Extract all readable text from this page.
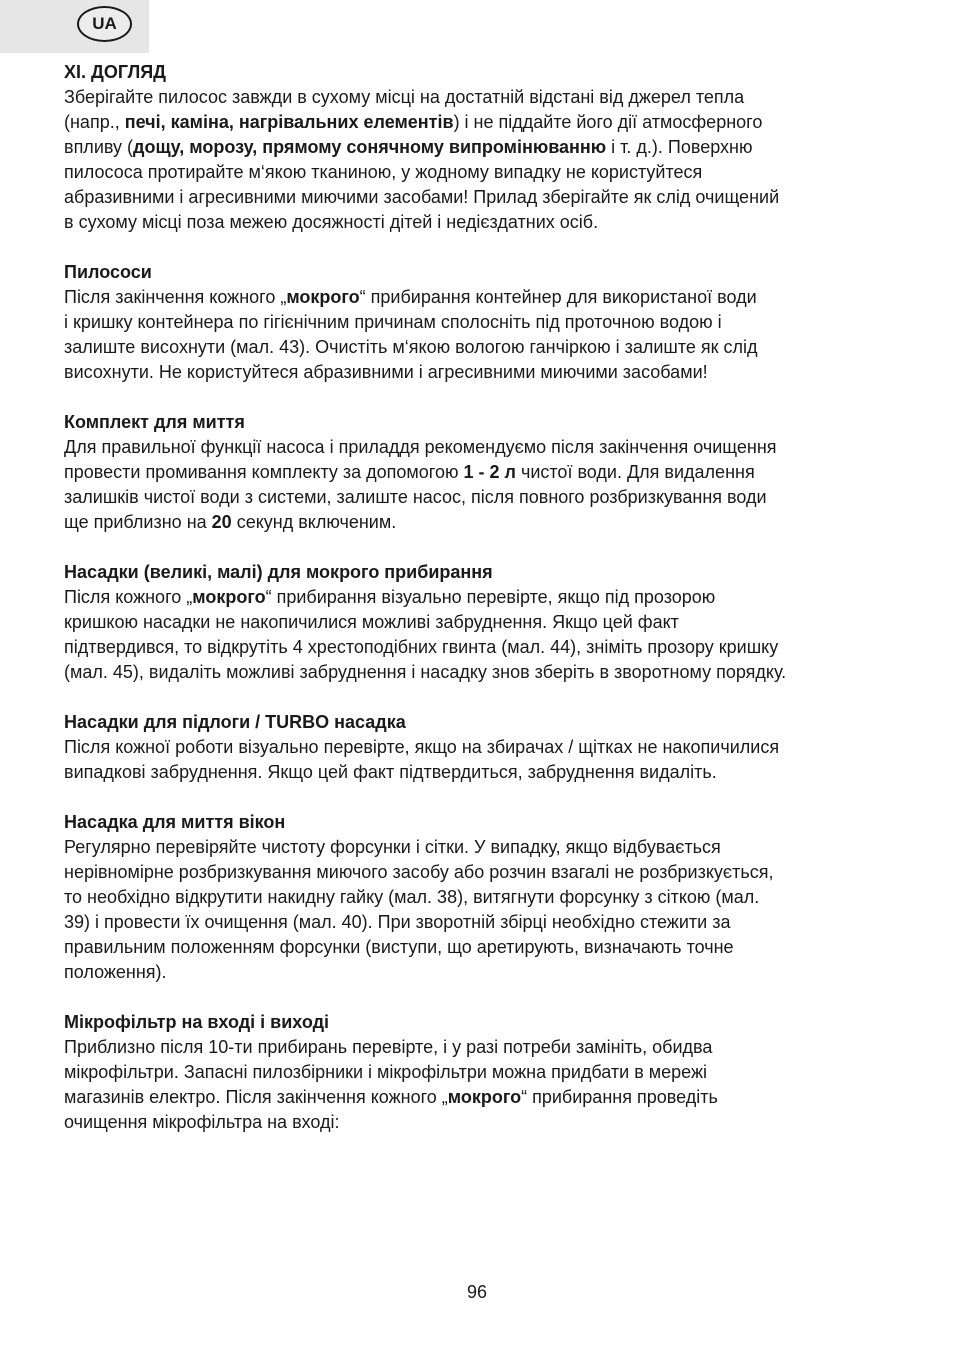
UA
XI. ДОГЛЯД
Зберігайте пилосос завжди в сухому місці на достатній відстані від джерел тепла
(напр., печі, каміна, нагрівальних елементів) і не піддайте його дії атмосферного
впливу (дощу, морозу, прямому сонячному випромінюванню і т. д.). Поверхню
пилососа протирайте м‘якою тканиною, у жодному випадку не користуйтеся
абразивними і агресивними миючими засобами! Прилад зберігайте як слід очищений
в сухому місці поза межею досяжності дітей і недієздатних осіб.
Пилососи
Після закінчення кожного „мокрого“ прибирання контейнер для використаної води
і кришку контейнера по гігієнічним причинам сполосніть під проточною водою і
залиште висохнути (мал. 43). Очистіть м‘якою вологою ганчіркою і залиште як слід
висохнути. Не користуйтеся абразивними і агресивними миючими засобами!
Комплект для миття
Для правильної функції насоса і приладдя рекомендуємо після закінчення очищення
провести промивання комплекту за допомогою 1 - 2 л чистої води. Для видалення
залишків чистої води з системи, залиште насос, після повного розбризкування води
ще приблизно на 20 секунд включеним.
Насадки (великі, малі) для мокрого прибирання
Після кожного „мокрого“ прибирання візуально перевірте, якщо під прозорою
кришкою насадки не накопичилися можливі забруднення. Якщо цей факт
підтвердився, то відкрутіть 4 хрестоподібних гвинта (мал. 44), зніміть прозору кришку
(мал. 45), видаліть можливі забруднення і насадку знов зберіть в зворотному порядку.
Насадки для підлоги / TURBO насадка
Після кожної роботи візуально перевірте, якщо на збирачах / щітках не накопичилися
випадкові забруднення. Якщо цей факт підтвердиться, забруднення видаліть.
Насадка для миття вікон
Регулярно перевіряйте чистоту форсунки і сітки. У випадку, якщо відбувається
нерівномірне розбризкування миючого засобу або розчин взагалі не розбризкується,
то необхідно відкрутити накидну гайку (мал. 38), витягнути форсунку з сіткою (мал.
39) і провести їх очищення (мал. 40). При зворотній збірці необхідно стежити за
правильним положенням форсунки (виступи, що аретирують, визначають точне
положення).
Мікрофільтр на вході і виході
Приблизно після 10-ти прибирань перевірте, і у разі потреби замініть, обидва
мікрофільтри. Запасні пилозбірники і мікрофільтри можна придбати в мережі
магазинів електро. Після закінчення кожного „мокрого“ прибирання проведіть
очищення мікрофільтра на вході:
96
